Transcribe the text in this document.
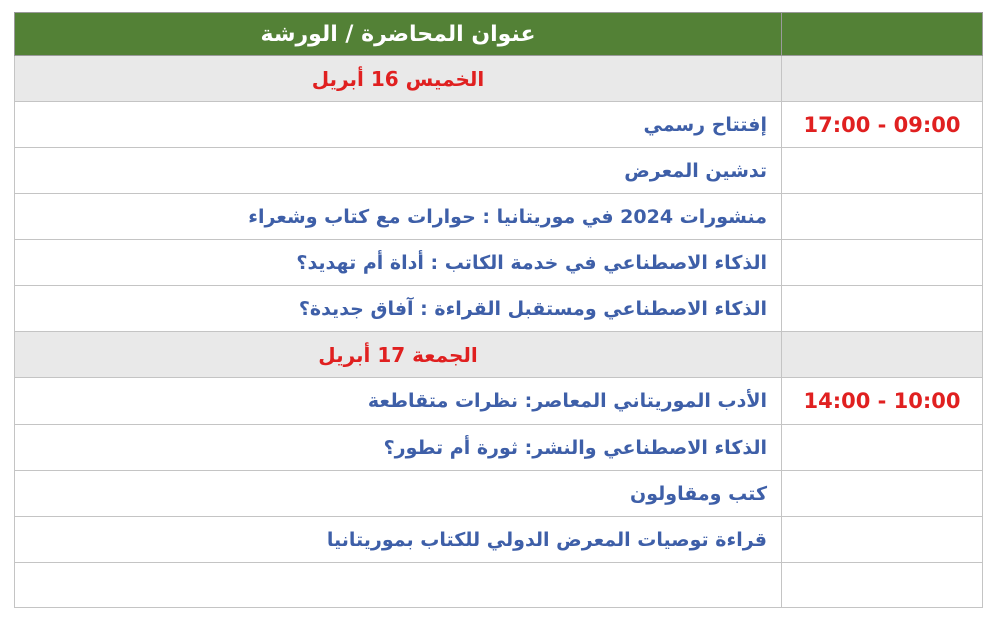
عنوان المحاضرة / الورشة	
الخميس 16 أبريل	
إفتتاح رسمي	17:00 - 09:00
تدشين المعرض	
منشورات 2024 في موريتانيا : حوارات مع كتاب وشعراء	
الذكاء الاصطناعي في خدمة الكاتب : أداة أم تهديد؟	
الذكاء الاصطناعي ومستقبل القراءة : آفاق جديدة؟	
الجمعة 17 أبريل	
الأدب الموريتاني المعاصر: نظرات متقاطعة	14:00 - 10:00
الذكاء الاصطناعي والنشر: ثورة أم تطور؟	
كتب ومقاولون	
قراءة توصيات المعرض الدولي للكتاب بموريتانيا	
